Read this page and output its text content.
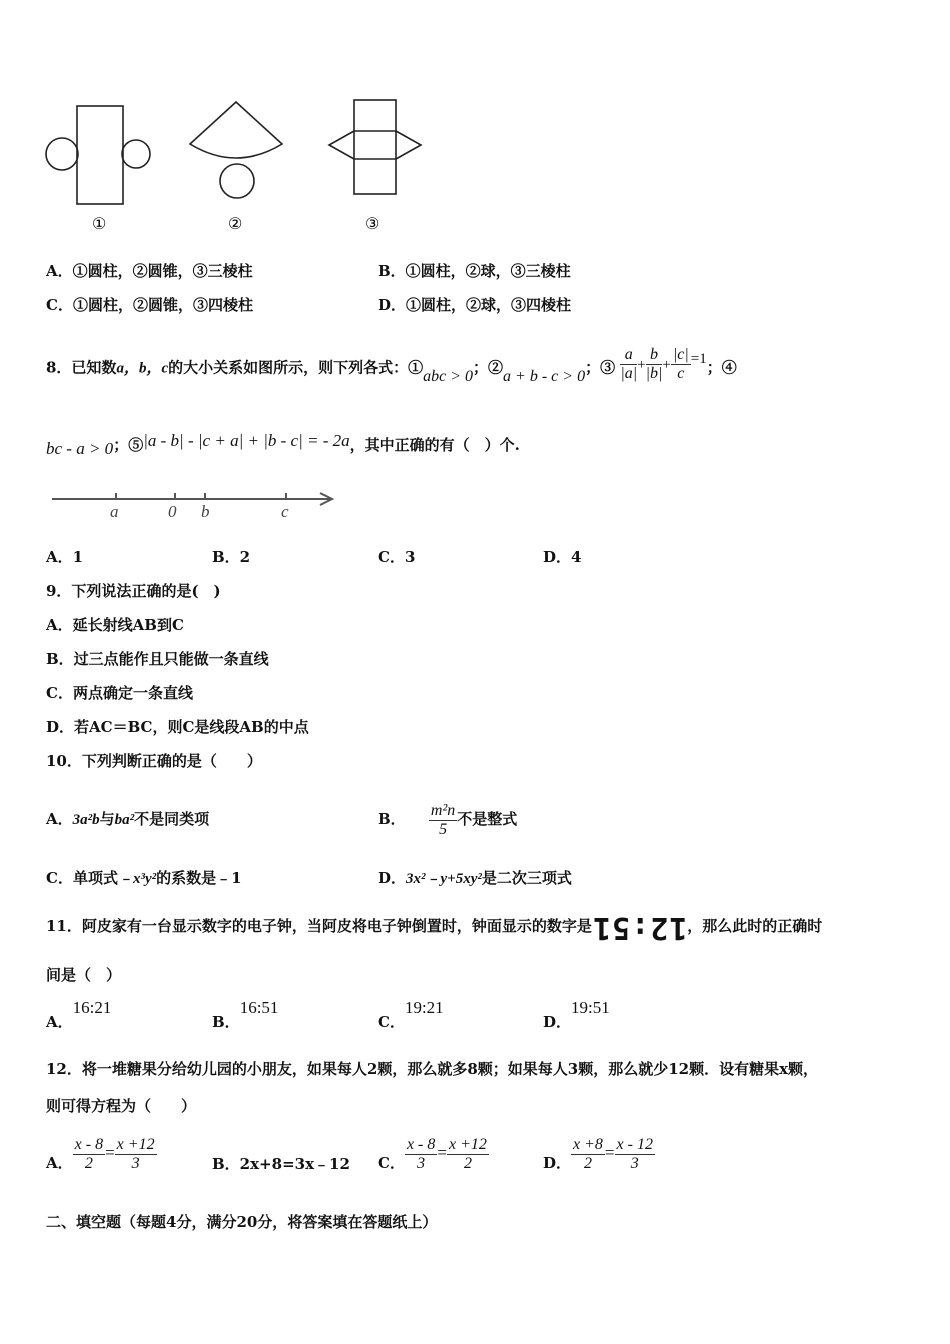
①	②	③
A．①圆柱，②圆锥，③三棱柱	B．①圆柱，②球，③三棱柱
C．①圆柱，②圆锥，③四棱柱	D．①圆柱，②球，③四棱柱
8．已知数a，b，c的大小关系如图所示，则下列各式：①abc > 0；②a + b - c > 0；③ $\frac{a}{|a|} + \frac{b}{|b|} + \frac{|c|}{c} =1$；④
bc - a > 0；⑤|a - b| - |c + a| + |b - c| = - 2a，其中正确的有（　）个.
a	0 b	c
A．1	B．2	C．3	D．4
9．下列说法正确的是(　)
A．延长射线AB到C
B．过三点能作且只能做一条直线
C．两点确定一条直线
D．若AC＝BC，则C是线段AB的中点
10．下列判断正确的是（　　）
A．3a²b与ba²不是同类项	B． $\frac{\text{m²n}}{5}$ 不是整式
C．单项式﹣x³y²的系数是﹣1	D．3x²﹣y+5xy²是二次三项式
11．阿皮家有一台显示数字的电子钟，当阿皮将电子钟倒置时，钟面显示的数字是12:51，那么此时的正确时
间是（　）
A．16:21
B．16:51
C．19:21
D．19:51
12．将一堆糖果分给幼儿园的小朋友，如果每人2颗，那么就多8颗；如果每人3颗，那么就少12颗．设有糖果x颗，
则可得方程为（　　）
A． $\frac{x - 8}{2} = \frac{x +12}{3}$	B．2x+8=3x﹣12 C． $\frac{x - 8}{3} = \frac{x +12}{2}$	D． $\frac{x +8}{2} = \frac{x - 12}{3}$
二、填空题（每题4分，满分20分，将答案填在答题纸上）
